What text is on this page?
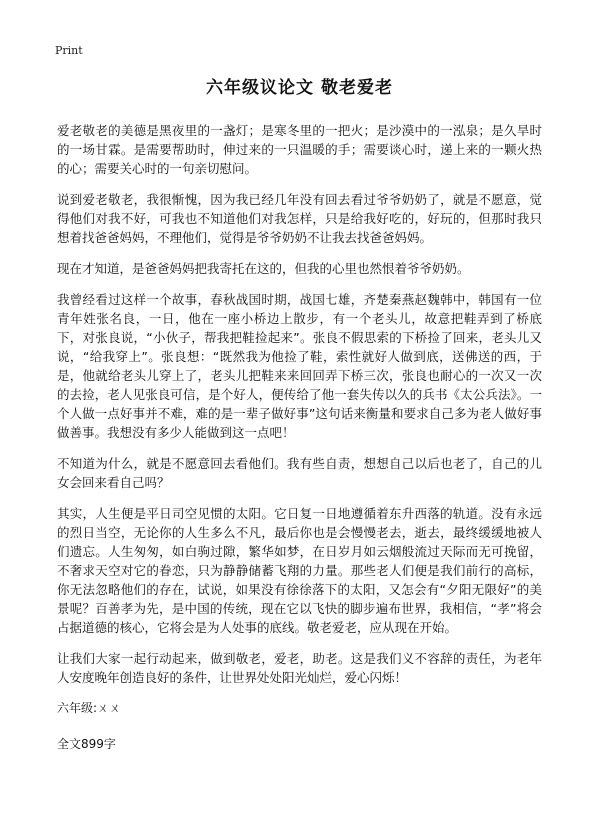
Print
六年级议论文 敬老爱老
爱老敬老的美德是黑夜里的一盏灯；是寒冬里的一把火；是沙漠中的一泓泉；是久旱时的一场甘霖。是需要帮助时，伸过来的一只温暖的手；需要谈心时，递上来的一颗火热的心；需要关心时的一句亲切慰问。
说到爱老敬老，我很惭愧，因为我已经几年没有回去看过爷爷奶奶了，就是不愿意，觉得他们对我不好，可我也不知道他们对我怎样，只是给我好吃的，好玩的，但那时我只想着找爸爸妈妈，不理他们，觉得是爷爷奶奶不让我去找爸爸妈妈。
现在才知道，是爸爸妈妈把我寄托在这的，但我的心里也然恨着爷爷奶奶。
我曾经看过这样一个故事，春秋战国时期，战国七雄，齐楚秦燕赵魏韩中，韩国有一位青年姓张名良，一日，他在一座小桥边上散步，有一个老头儿，故意把鞋弄到了桥底下，对张良说，“小伙子，帮我把鞋捡起来”。张良不假思索的下桥捡了回来，老头儿又说，“给我穿上”。张良想：“既然我为他捡了鞋，索性就好人做到底，送佛送的西，于是，他就给老头儿穿上了，老头儿把鞋来来回回弄下桥三次，张良也耐心的一次又一次的去捡，老人见张良可信，是个好人，便传给了他一套失传以久的兵书《太公兵法》。一个人做一点好事并不难，难的是一辈子做好事”这句话来衡量和要求自己多为老人做好事做善事。我想没有多少人能做到这一点吧！
不知道为什么，就是不愿意回去看他们。我有些自责，想想自己以后也老了，自己的儿女会回来看自己吗？
其实，人生便是平日司空见惯的太阳。它日复一日地遵循着东升西落的轨道。没有永远的烈日当空，无论你的人生多么不凡，最后你也是会慢慢老去，逝去，最终缓缓地被人们遗忘。人生匆匆，如白驹过隙，繁华如梦，在日岁月如云烟般流过天际而无可挽留，不奢求天空对它的眷恋，只为静静储蓄飞翔的力量。那些老人们便是我们前行的高标，你无法忽略他们的存在，试说，如果没有徐徐落下的太阳，又怎会有“夕阳无限好”的美景呢？百善孝为先，是中国的传统，现在它以飞快的脚步遍布世界，我相信，“孝”将会占据道德的核心，它将会是为人处事的底线。敬老爱老，应从现在开始。
让我们大家一起行动起来，做到敬老，爱老，助老。这是我们义不容辞的责任，为老年人安度晚年创造良好的条件，让世界处处阳光灿烂，爱心闪烁！
六年级:ㄨㄨ
全文899字
